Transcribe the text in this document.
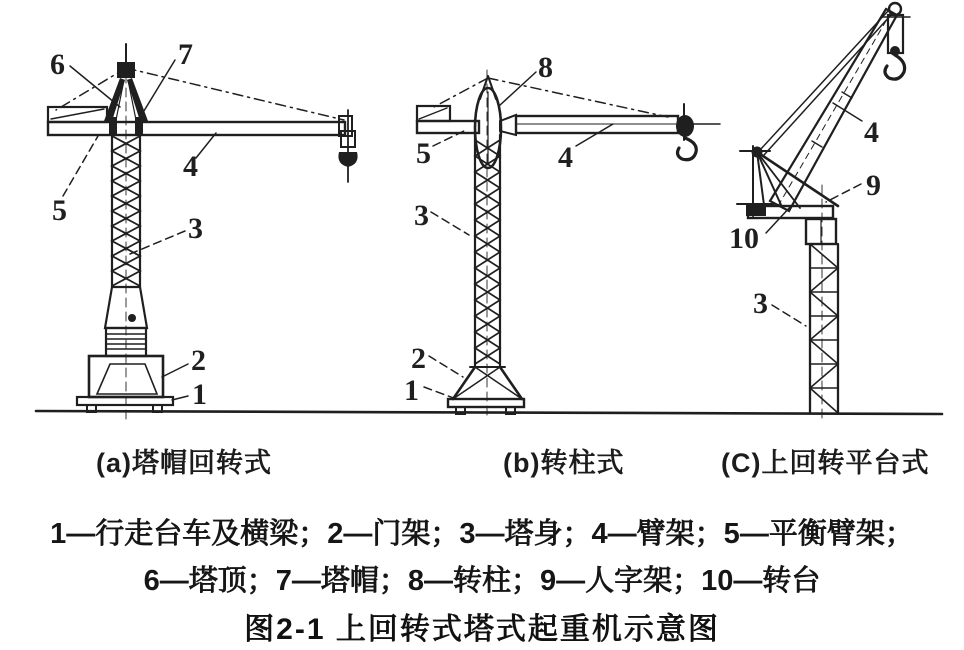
6	7
5
4
3
2
1
8
5	4
3
2
1
4
9
10
3
(a)塔帽回转式	(b)转柱式	(C)上回转平台式
1—行走台车及横梁；2—门架；3—塔身；4—臂架；5—平衡臂架；
6—塔顶；7—塔帽；8—转柱；9—人字架；10—转台
图2-1 上回转式塔式起重机示意图
